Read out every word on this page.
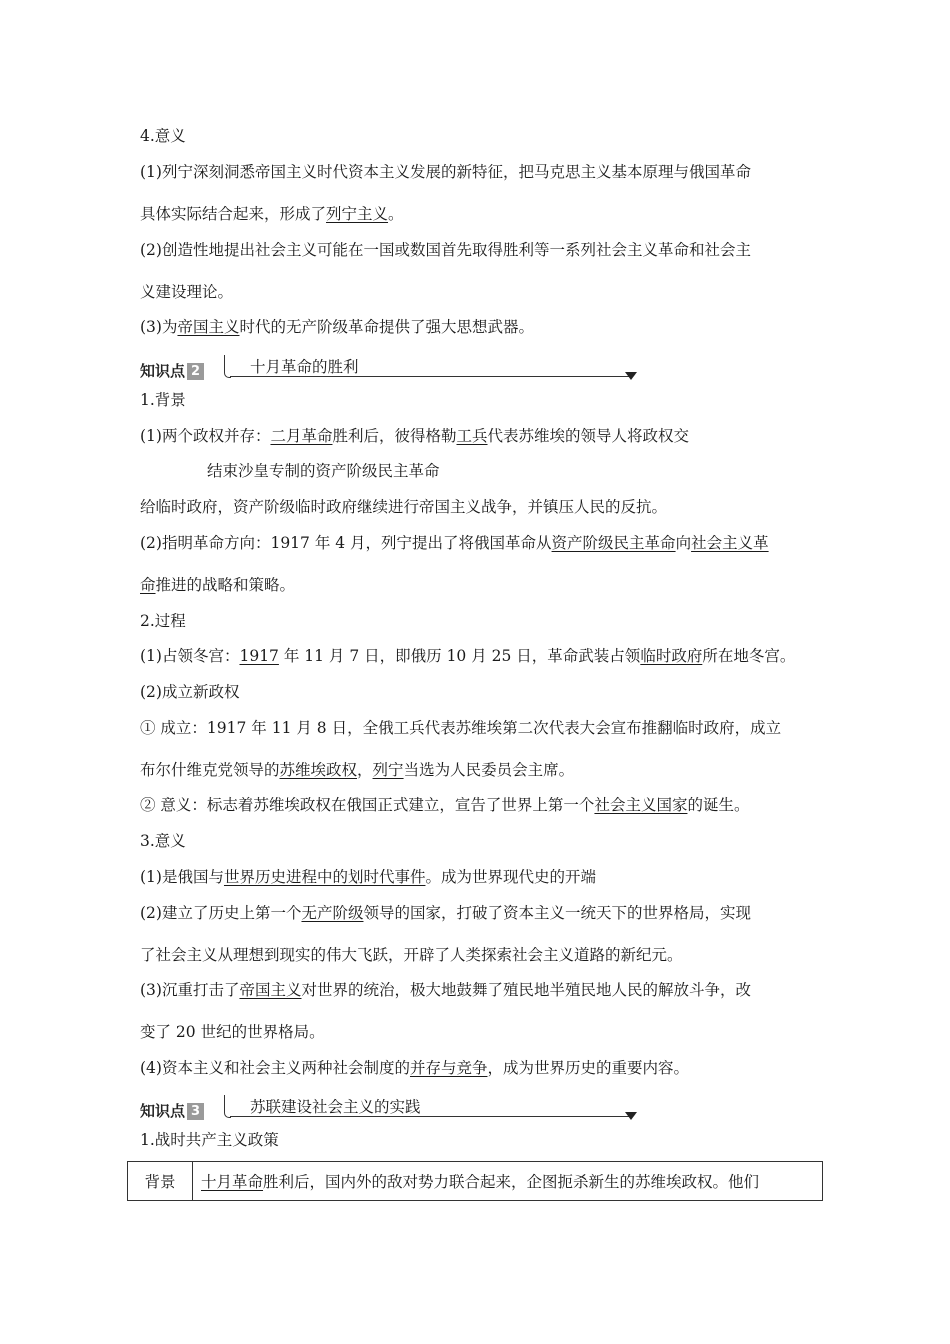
4.意义
(1)列宁深刻洞悉帝国主义时代资本主义发展的新特征，把马克思主义基本原理与俄国革命
具体实际结合起来，形成了列宁主义。
(2)创造性地提出社会主义可能在一国或数国首先取得胜利等一系列社会主义革命和社会主
义建设理论。
(3)为帝国主义时代的无产阶级革命提供了强大思想武器。
知识点 2	十月革命的胜利
1.背景
(1)两个政权并存：二月革命胜利后，彼得格勒工兵代表苏维埃的领导人将政权交
结束沙皇专制的资产阶级民主革命
给临时政府，资产阶级临时政府继续进行帝国主义战争，并镇压人民的反抗。
(2)指明革命方向：1917 年 4 月，列宁提出了将俄国革命从资产阶级民主革命向社会主义革
命推进的战略和策略。
2.过程
(1)占领冬宫：1917 年 11 月 7 日，即俄历 10 月 25 日，革命武装占领临时政府所在地冬宫。
(2)成立新政权
① 成立：1917 年 11 月 8 日，全俄工兵代表苏维埃第二次代表大会宣布推翻临时政府，成立
布尔什维克党领导的苏维埃政权，列宁当选为人民委员会主席。
② 意义：标志着苏维埃政权在俄国正式建立，宣告了世界上第一个社会主义国家的诞生。
3.意义
(1)是俄国与世界历史进程中的划时代事件。成为世界现代史的开端
(2)建立了历史上第一个无产阶级领导的国家，打破了资本主义一统天下的世界格局，实现
了社会主义从理想到现实的伟大飞跃，开辟了人类探索社会主义道路的新纪元。
(3)沉重打击了帝国主义对世界的统治，极大地鼓舞了殖民地半殖民地人民的解放斗争，改
变了 20 世纪的世界格局。
(4)资本主义和社会主义两种社会制度的并存与竞争，成为世界历史的重要内容。
知识点 3	苏联建设社会主义的实践
1.战时共产主义政策
背景	十月革命胜利后，国内外的敌对势力联合起来，企图扼杀新生的苏维埃政权。他们
